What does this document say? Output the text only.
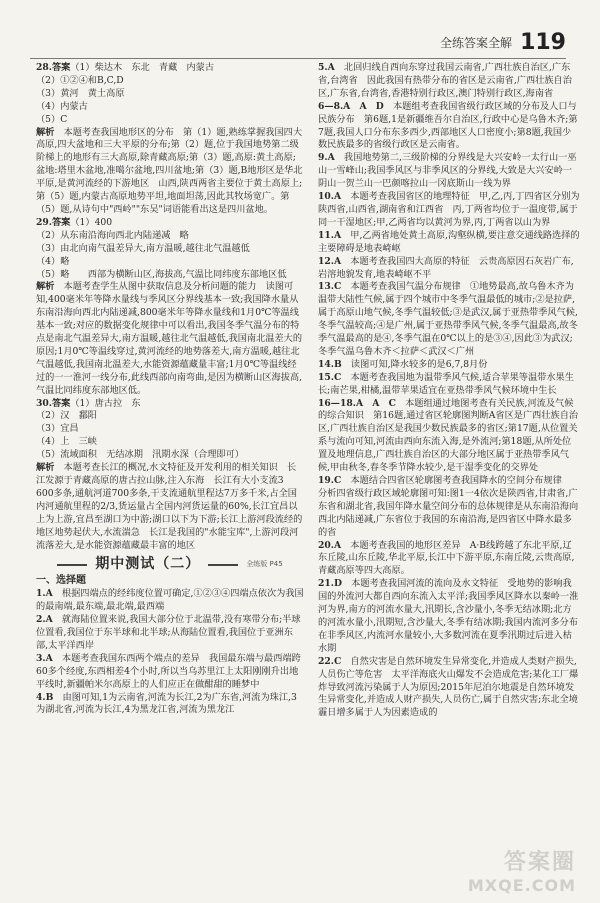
全练答案全解 119

28.答案（1）柴达木　东北　青藏　内蒙古

（2）①②④和B,C,D

（3）黄河　黄土高原

（4）内蒙古

（5）C

解析　本题考查我国地形区的分布　第（1）题,熟练掌握我国四大高原,四大盆地和三大平原的分布;第（2）题,位于我国地势第二级阶梯上的地形有三大高原,除青藏高原;第（3）题,高原:黄土高原;盆地:塔里木盆地,准噶尔盆地,四川盆地;第（3）题,B地形区是华北平原,是黄河流经的下游地区　山西,陕西两省主要位于黄土高原上;第（5）题,内蒙古高原地势平坦,地面坦荡,因此其牧场宽广。第（5）题,从诗句中"西岭""东吴"词语能看出这是四川盆地。

29.答案（1）400

（2）从东南沿海向西北内陆递减　略

（3）由北向南气温差异大,南方温暖,越往北气温越低

（4）略

（5）略　　西部为横断山区,海拔高,气温比同纬度东部地区低

解析　本题考查学生从图中获取信息及分析问题的能力　读图可知,400毫米年等降水量线与季风区分界线基本一致;我国降水量从东南沿海向西北内陆递减,800毫米年等降水量线和1月0℃等温线基本一致;对应的数据变化规律中可以看出,我国冬季气温分布的特点是南北气温差异大,南方温暖,越往北气温越低,我国南北温差大的原因;1月0℃等温线穿过,黄河流经的地势落差大,南方温暖,越往北气温越低,我国南北温差大,水能资源蕴藏量丰富;1月0℃等温线经过的一一淮河一线分布,此线西部向南弯曲,是因为横断山区海拔高,气温比同纬度东部地区低。

30.答案（1）唐古拉　东

（2）汉　鄱阳

（3）宜昌

（4）上　三峡

（5）流域面积　无结冰期　汛期水深（合理即可）

解析　本题考查长江的概况,水文特征及开发利用的相关知识　长江发源于青藏高原的唐古拉山脉,注入东海　长江有大小支流3 600多条,通航河道700多条,干支流通航里程达7万多千米,占全国内河通航里程的2/3,货运量占全国内河货运量的60%,长江宜昌以上为上游,宜昌至湖口为中游;湖口以下为下游;长江上游河段流经的地区地势起伏大,水流湍急　长江是我国的"水能宝库",上游河段河流落差大,是水能资源蕴藏最丰富的地区

期中测试（二）	全练版 P45

一、选择题

1.A　根据四端点的经纬度位置可确定,①②③④四端点依次为我国的最南端,最东端,最北端,最西端

2.A　就海陆位置来说,我国大部分位于北温带,没有寒带分布;半球位置看,我国位于东半球和北半球;从海陆位置看,我国位于亚洲东部,太平洋西岸

3.A　本题考查我国东西两个端点的差异　我国最东端与最西端跨60多个经度,东西相差4个小时,所以当乌苏里江上太阳刚刚升出地平线时,新疆帕米尔高原上的人们应正在做酣甜的睡梦中

4.B　由图可知,1为云南省,河流为长江,2为广东省,河流为珠江,3为湖北省,河流为长江,4为黑龙江省,河流为黑龙江

5.A　北回归线自西向东穿过我国云南省,广西壮族自治区,广东省,台湾省　因此我国有热带分布的省区是云南省,广西壮族自治区,广东省,台湾省,香港特别行政区,澳门特别行政区,海南省

6—8.A　A　D　本题组考查我国省级行政区域的分布及人口与民族分布　第6题,1是新疆维吾尔自治区,行政中心是乌鲁木齐;第7题,我国人口分布东多西少,西部地区人口密度小;第8题,我国少数民族最多的省级行政区是云南省。

9.A　我国地势第二,三级阶梯的分界线是大兴安岭一太行山一巫山一雪峰山;我国季风区与非季风区的分界线,大致是大兴安岭一阴山一贺兰山一巴颜喀拉山一冈底斯山一线为界

10.A　本题考查我国省区的地理特征　甲,乙,丙,丁四省区分别为陕西省,山西省,湖南省和江西省　丙,丁两省均位于一温度带,属于同一干湿地区;甲,乙两省均以黄河为界,丙,丁两省以山为界

11.A　甲,乙两省地处黄土高原,沟壑纵横,要注意交通线路选择的主要障碍是地表崎岖

12.A　本题考查我国四大高原的特征　云贵高原因石灰岩广布,岩溶地貌发育,地表崎岖不平

13.C　本题考查我国气温分布规律　①地势最高,故乌鲁木齐为温带大陆性气候,属于四个城市中冬季气温最低的城市;②是拉萨,属于高原山地气候,冬季气温较低;③是武汉,属于亚热带季风气候,冬季气温较高;④是广州,属于亚热带季风气候,冬季气温最高,故冬季气温最高的是④,冬季气温在0℃以上的是③④,因此③为武汉;冬季气温乌鲁木齐＜拉萨＜武汉＜广州

14.B　读图可知,降水较多的是6,7,8月份

15.C　本题考查我国地为温带季风气候,适合苹果等温带水果生长;南芒果,柑橘,温带苹果适宜在亚热带季风气候环境中生长

16—18.A　A　C　本题组通过地图考查有关民族,河流及气候的综合知识　第16题,通过省区轮廓图判断A省区是广西壮族自治区,广西壮族自治区是我国少数民族最多的省区;第17题,从位置关系与流向可知,河流由西向东流入海,是外流河;第18题,从所处位置及地理信息,广西壮族自治区的大部分地区属于亚热带季风气候,甲由秋冬,春冬季节降水较少,是干湿季变化的交界处

19.C　本题结合四省区轮廓图考查我国降水的空间分布规律　分析四省级行政区域轮廓图可知:图1一4依次是陕西省,甘肃省,广东省和湖北省,我国年降水量空间分布的总体规律是从东南沿海向西北内陆递减,广东省位于我国的东南沿海,是四省区中降水最多的省

20.A　本题考查我国的地形区差异　A·B线跨越了东北平原,辽东丘陵,山东丘陵,华北平原,长江中下游平原,东南丘陵,云贵高原,青藏高原等四大高原。

21.D　本题考查我国河流的流向及水文特征　受地势的影响我国的外流河大都自西向东流入太平洋;我国季风区降水以秦岭一淮河为界,南方的河流水量大,汛期长,含沙量小,冬季无结冰期;北方的河流水量小,汛期短,含沙量大,冬季有结冰期;我国内流河多分布在非季风区,内流河水量较小,大多数河流在夏季汛期过后进入枯水期

22.C　自然灾害是自然环境发生异常变化,并造成人类财产损失,人员伤亡等危害　太平洋海底火山爆发不会造成危害;某化工厂爆炸导致河流污染属于人为原因;2015年尼泊尔地震是自然环境发生异常变化,并造成人财产损失,人员伤亡,属于自然灾害;东北全境霾日增多属于人为因素造成的

答案圈
MXQE.COM
